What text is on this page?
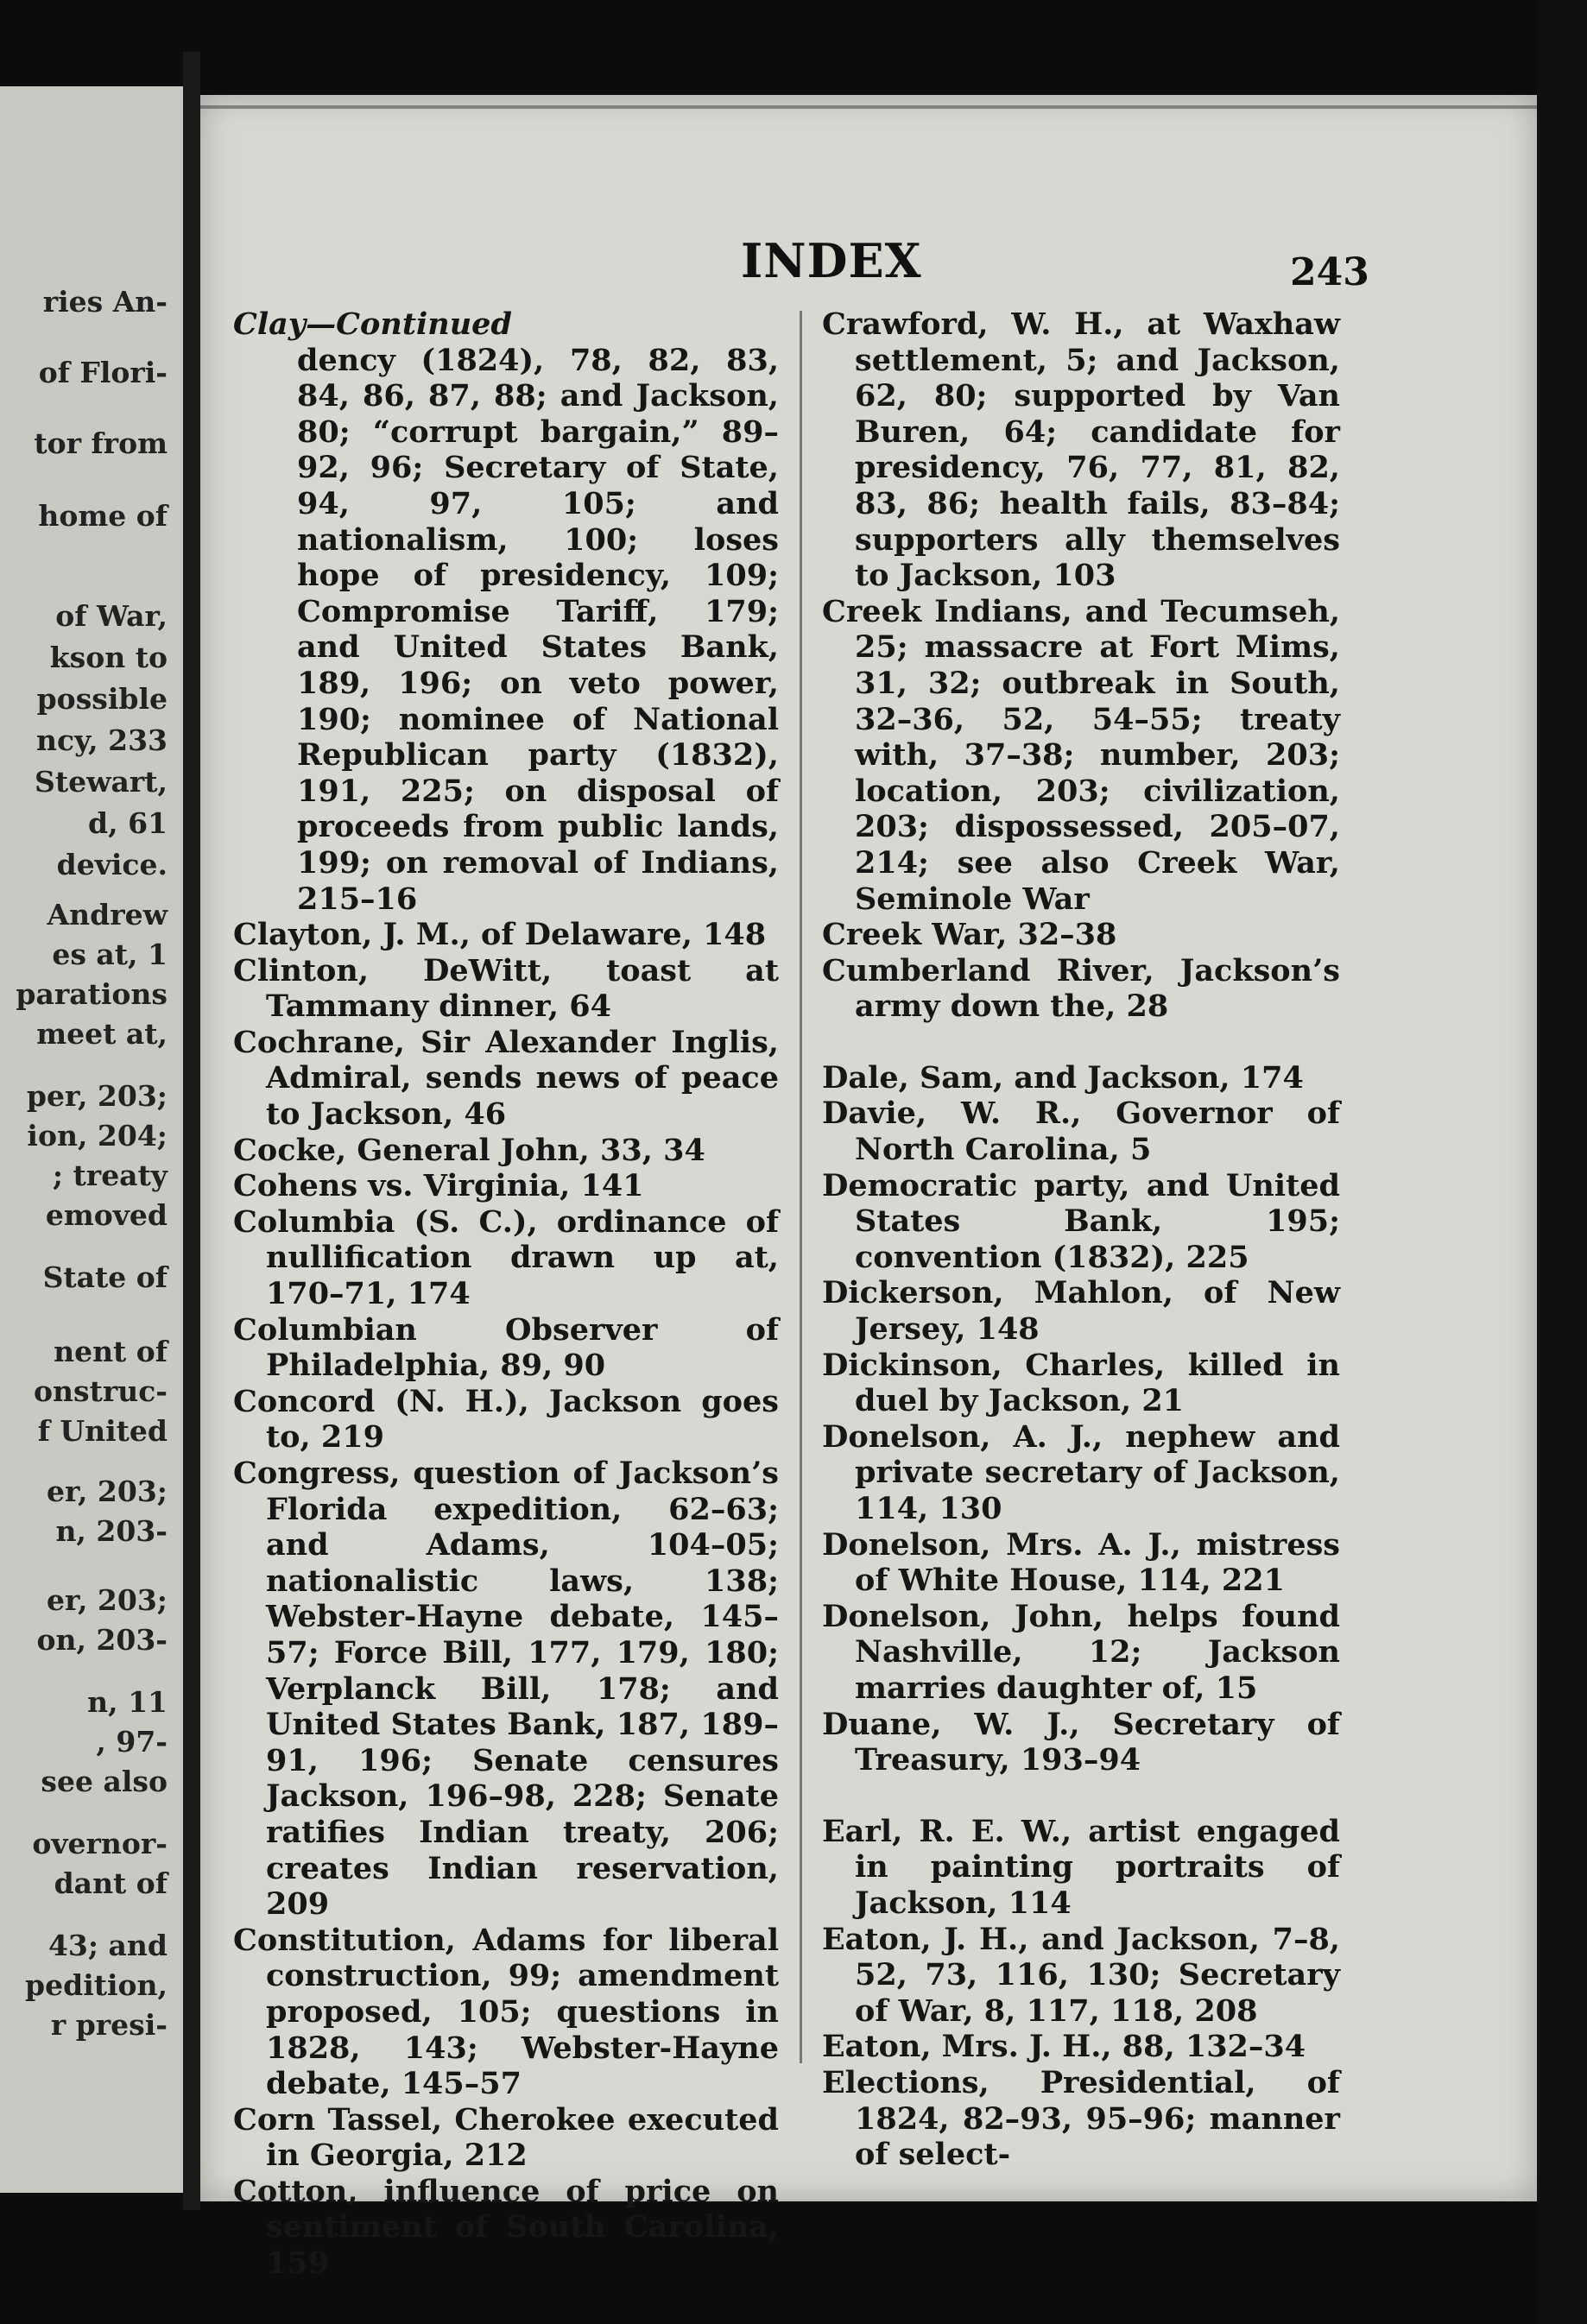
ries An-
of Flori-
tor from
home of
of War,
kson to
possible
ncy, 233
Stewart,
d, 61
device.
Andrew
es at, 1
parations
meet at,
per, 203;
ion, 204;
; treaty
emoved
State of
nent of
onstruc-
f United
er, 203;
n, 203-
er, 203;
on, 203-
n, 11
, 97-
see also
overnor-
dant of
43; and
pedition,
r presi-
INDEX	243
Clay—Continued
dency (1824), 78, 82, 83, 84, 86, 87, 88; and Jackson, 80; “corrupt bargain,” 89–92, 96; Secretary of State, 94, 97, 105; and nationalism, 100; loses hope of presidency, 109; Compromise Tariff, 179; and United States Bank, 189, 196; on veto power, 190; nominee of National Republican party (1832), 191, 225; on disposal of proceeds from public lands, 199; on removal of Indians, 215–16
Clayton, J. M., of Delaware, 148
Clinton, DeWitt, toast at Tammany dinner, 64
Cochrane, Sir Alexander Inglis, Admiral, sends news of peace to Jackson, 46
Cocke, General John, 33, 34
Cohens vs. Virginia, 141
Columbia (S. C.), ordinance of nullification drawn up at, 170–71, 174
Columbian Observer of Philadelphia, 89, 90
Concord (N. H.), Jackson goes to, 219
Congress, question of Jackson’s Florida expedition, 62–63; and Adams, 104–05; nationalistic laws, 138; Webster-Hayne debate, 145–57; Force Bill, 177, 179, 180; Verplanck Bill, 178; and United States Bank, 187, 189–91, 196; Senate censures Jackson, 196–98, 228; Senate ratifies Indian treaty, 206; creates Indian reservation, 209
Constitution, Adams for liberal construction, 99; amendment proposed, 105; questions in 1828, 143; Webster-Hayne debate, 145–57
Corn Tassel, Cherokee executed in Georgia, 212
Cotton, influence of price on sentiment of South Carolina, 159
Crawford, W. H., at Waxhaw settlement, 5; and Jackson, 62, 80; supported by Van Buren, 64; candidate for presidency, 76, 77, 81, 82, 83, 86; health fails, 83–84; supporters ally themselves to Jackson, 103
Creek Indians, and Tecumseh, 25; massacre at Fort Mims, 31, 32; outbreak in South, 32–36, 52, 54–55; treaty with, 37–38; number, 203; location, 203; civilization, 203; dispossessed, 205–07, 214; see also Creek War, Seminole War
Creek War, 32–38
Cumberland River, Jackson’s army down the, 28
Dale, Sam, and Jackson, 174
Davie, W. R., Governor of North Carolina, 5
Democratic party, and United States Bank, 195; convention (1832), 225
Dickerson, Mahlon, of New Jersey, 148
Dickinson, Charles, killed in duel by Jackson, 21
Donelson, A. J., nephew and private secretary of Jackson, 114, 130
Donelson, Mrs. A. J., mistress of White House, 114, 221
Donelson, John, helps found Nashville, 12; Jackson marries daughter of, 15
Duane, W. J., Secretary of Treasury, 193–94
Earl, R. E. W., artist engaged in painting portraits of Jackson, 114
Eaton, J. H., and Jackson, 7–8, 52, 73, 116, 130; Secretary of War, 8, 117, 118, 208
Eaton, Mrs. J. H., 88, 132–34
Elections, Presidential, of 1824, 82–93, 95–96; manner of select-
